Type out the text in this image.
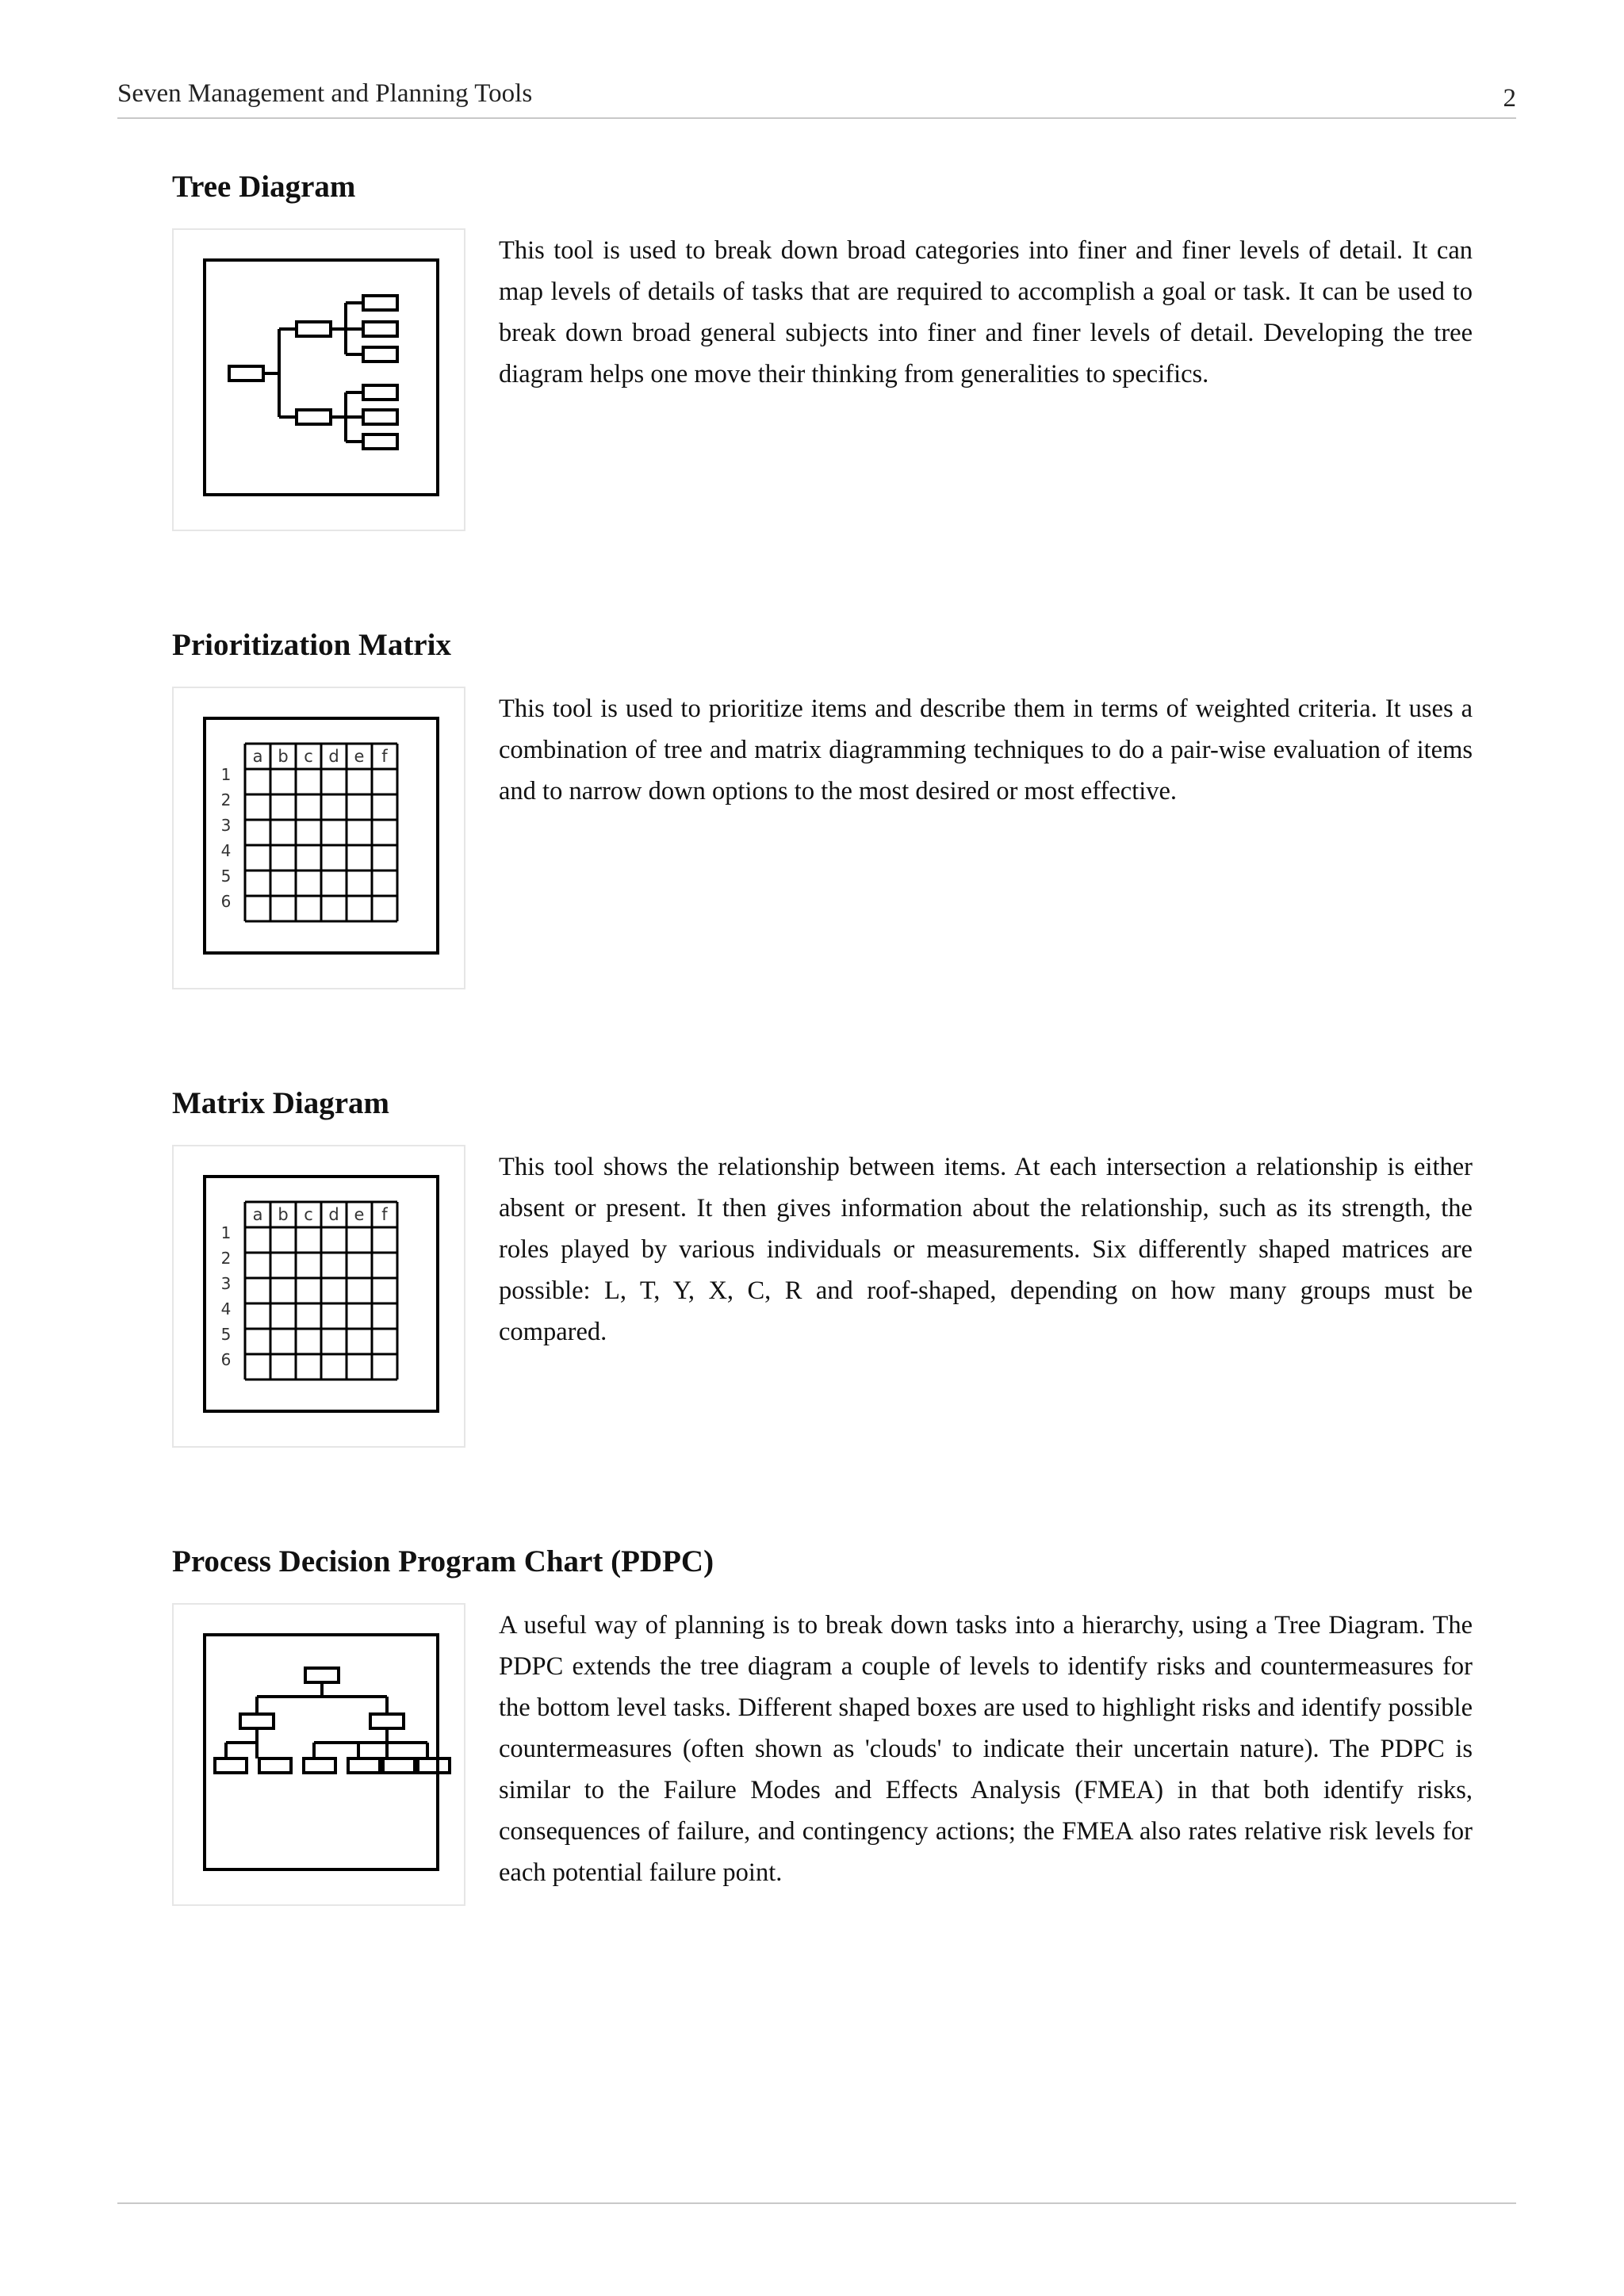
Seven Management and Planning Tools	2
Tree Diagram

This tool is used to break down broad categories into finer and finer levels of detail. It can map levels of details of tasks that are required to accomplish a goal or task. It can be used to break down broad general subjects into finer and finer levels of detail. Developing the tree diagram helps one move their thinking from generalities to specifics.

Prioritization Matrix
a b c d e f
1
2
3
4
5
6

This tool is used to prioritize items and describe them in terms of weighted criteria. It uses a combination of tree and matrix diagramming techniques to do a pair-wise evaluation of items and to narrow down options to the most desired or most effective.

Matrix Diagram
a b c d e f
1
2
3
4
5
6

This tool shows the relationship between items. At each intersection a relationship is either absent or present. It then gives information about the relationship, such as its strength, the roles played by various individuals or measurements. Six differently shaped matrices are possible: L, T, Y, X, C, R and roof-shaped, depending on how many groups must be compared.

Process Decision Program Chart (PDPC)

A useful way of planning is to break down tasks into a hierarchy, using a Tree Diagram. The PDPC extends the tree diagram a couple of levels to identify risks and countermeasures for the bottom level tasks. Different shaped boxes are used to highlight risks and identify possible countermeasures (often shown as 'clouds' to indicate their uncertain nature). The PDPC is similar to the Failure Modes and Effects Analysis (FMEA) in that both identify risks, consequences of failure, and contingency actions; the FMEA also rates relative risk levels for each potential failure point.
